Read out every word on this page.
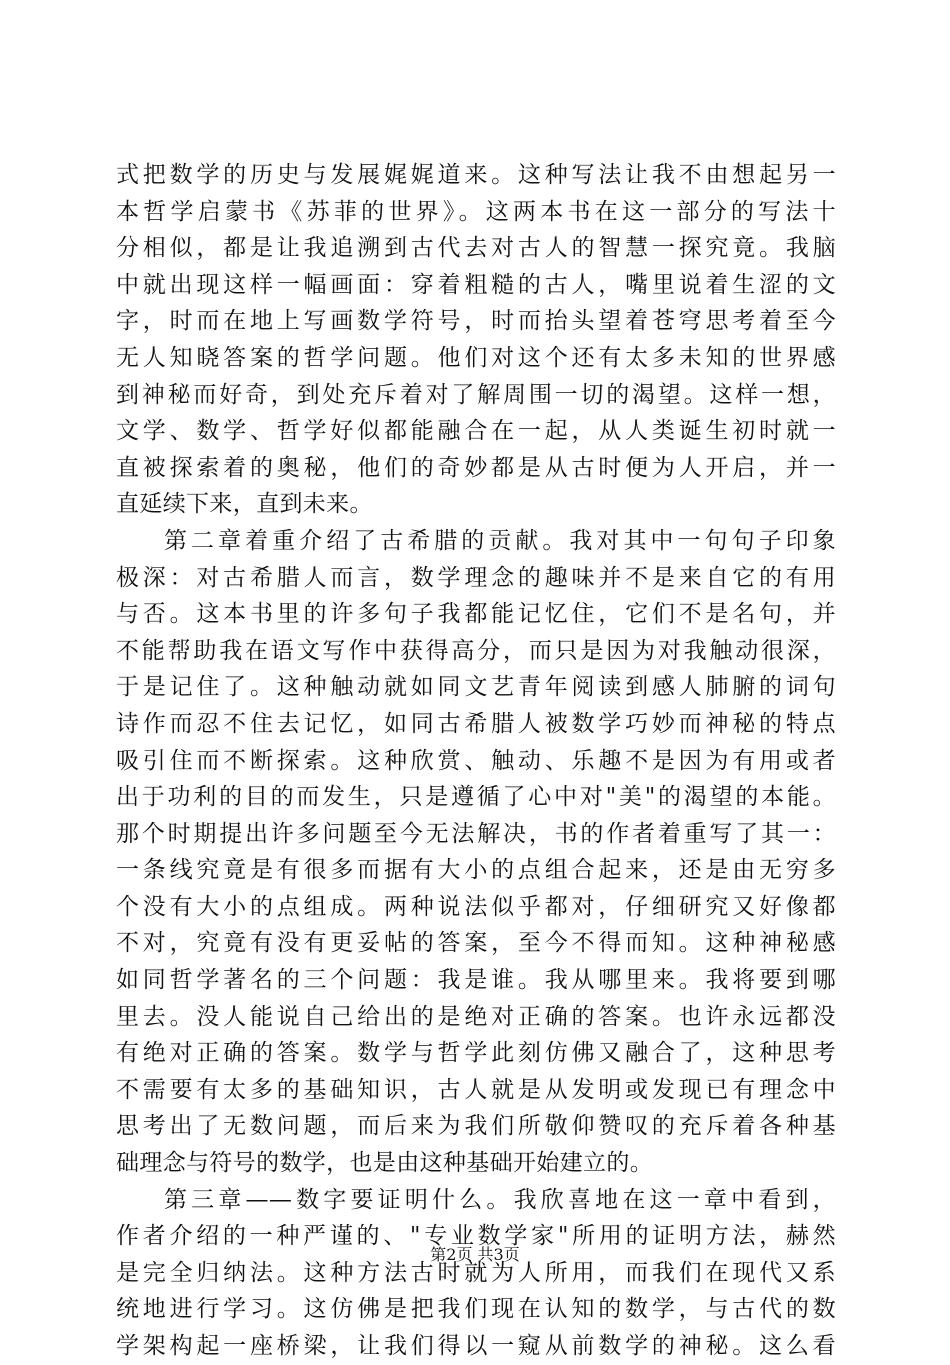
式把数学的历史与发展娓娓道来。这种写法让我不由想起另一
本哲学启蒙书《苏菲的世界》。这两本书在这一部分的写法十
分相似，都是让我追溯到古代去对古人的智慧一探究竟。我脑
中就出现这样一幅画面：穿着粗糙的古人，嘴里说着生涩的文
字，时而在地上写画数学符号，时而抬头望着苍穹思考着至今
无人知晓答案的哲学问题。他们对这个还有太多未知的世界感
到神秘而好奇，到处充斥着对了解周围一切的渴望。这样一想，
文学、数学、哲学好似都能融合在一起，从人类诞生初时就一
直被探索着的奥秘，他们的奇妙都是从古时便为人开启，并一
直延续下来，直到未来。
第二章着重介绍了古希腊的贡献。我对其中一句句子印象
极深：对古希腊人而言，数学理念的趣味并不是来自它的有用
与否。这本书里的许多句子我都能记忆住，它们不是名句，并
不能帮助我在语文写作中获得高分，而只是因为对我触动很深，
于是记住了。这种触动就如同文艺青年阅读到感人肺腑的词句
诗作而忍不住去记忆，如同古希腊人被数学巧妙而神秘的特点
吸引住而不断探索。这种欣赏、触动、乐趣不是因为有用或者
出于功利的目的而发生，只是遵循了心中对"美"的渴望的本能。
那个时期提出许多问题至今无法解决，书的作者着重写了其一：
一条线究竟是有很多而据有大小的点组合起来，还是由无穷多
个没有大小的点组成。两种说法似乎都对，仔细研究又好像都
不对，究竟有没有更妥帖的答案，至今不得而知。这种神秘感
如同哲学著名的三个问题：我是谁。我从哪里来。我将要到哪
里去。没人能说自己给出的是绝对正确的答案。也许永远都没
有绝对正确的答案。数学与哲学此刻仿佛又融合了，这种思考
不需要有太多的基础知识，古人就是从发明或发现已有理念中
思考出了无数问题，而后来为我们所敬仰赞叹的充斥着各种基
础理念与符号的数学，也是由这种基础开始建立的。
第三章——数字要证明什么。我欣喜地在这一章中看到，
作者介绍的一种严谨的、"专业数学家"所用的证明方法，赫然
是完全归纳法。这种方法古时就为人所用，而我们在现代又系
统地进行学习。这仿佛是把我们现在认知的数学，与古代的数
学架构起一座桥梁，让我们得以一窥从前数学的神秘。这么看
第2页 共3页
